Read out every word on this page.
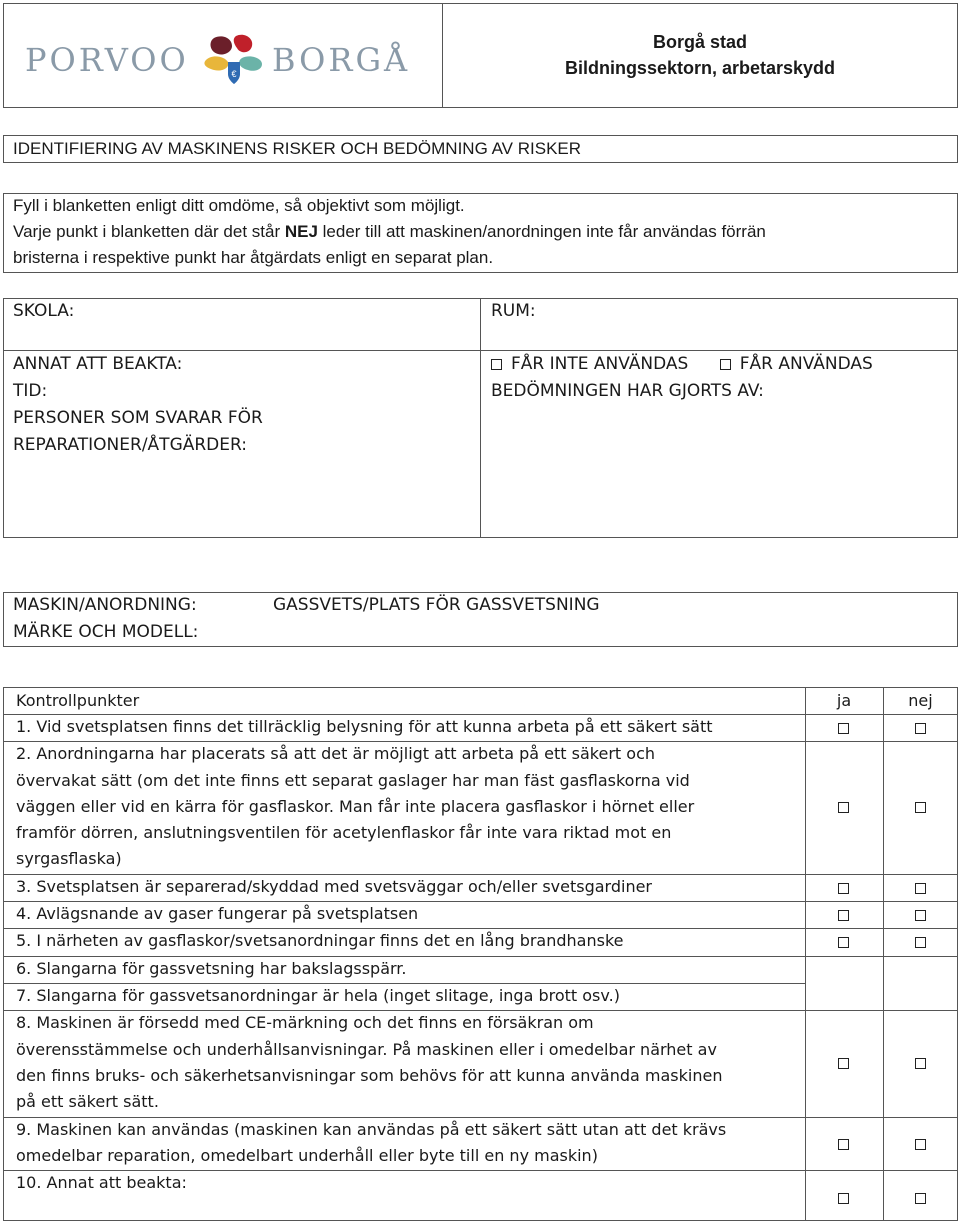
PORVOO	€ BORGÅ	Borgå stad
Bildningssektorn, arbetarskydd
IDENTIFIERING AV MASKINENS RISKER OCH BEDÖMNING AV RISKER
Fyll i blanketten enligt ditt omdöme, så objektivt som möjligt.
Varje punkt i blanketten där det står NEJ leder till att maskinen/anordningen inte får användas förrän
bristerna i respektive punkt har åtgärdats enligt en separat plan.
SKOLA:	RUM:
ANNAT ATT BEAKTA:
TID:
PERSONER SOM SVARAR FÖR
REPARATIONER/ÅTGÄRDER:
FÅR INTE ANVÄNDAS	FÅR ANVÄNDAS
BEDÖMNINGEN HAR GJORTS AV:
MASKIN/ANORDNING:	GASSVETS/PLATS FÖR GASSVETSNING
MÄRKE OCH MODELL:
Kontrollpunkter	ja	nej
1. Vid svetsplatsen finns det tillräcklig belysning för att kunna arbeta på ett säkert sätt
2. Anordningarna har placerats så att det är möjligt att arbeta på ett säkert och
övervakat sätt (om det inte finns ett separat gaslager har man fäst gasflaskorna vid
väggen eller vid en kärra för gasflaskor. Man får inte placera gasflaskor i hörnet eller
framför dörren, anslutningsventilen för acetylenflaskor får inte vara riktad mot en
syrgasflaska)
3. Svetsplatsen är separerad/skyddad med svetsväggar och/eller svetsgardiner
4. Avlägsnande av gaser fungerar på svetsplatsen
5. I närheten av gasflaskor/svetsanordningar finns det en lång brandhanske
6. Slangarna för gassvetsning har bakslagsspärr.
7. Slangarna för gassvetsanordningar är hela (inget slitage, inga brott osv.)
8. Maskinen är försedd med CE-märkning och det finns en försäkran om
överensstämmelse och underhållsanvisningar. På maskinen eller i omedelbar närhet av
den finns bruks- och säkerhetsanvisningar som behövs för att kunna använda maskinen
på ett säkert sätt.
9. Maskinen kan användas (maskinen kan användas på ett säkert sätt utan att det krävs
omedelbar reparation, omedelbart underhåll eller byte till en ny maskin)
10. Annat att beakta:
